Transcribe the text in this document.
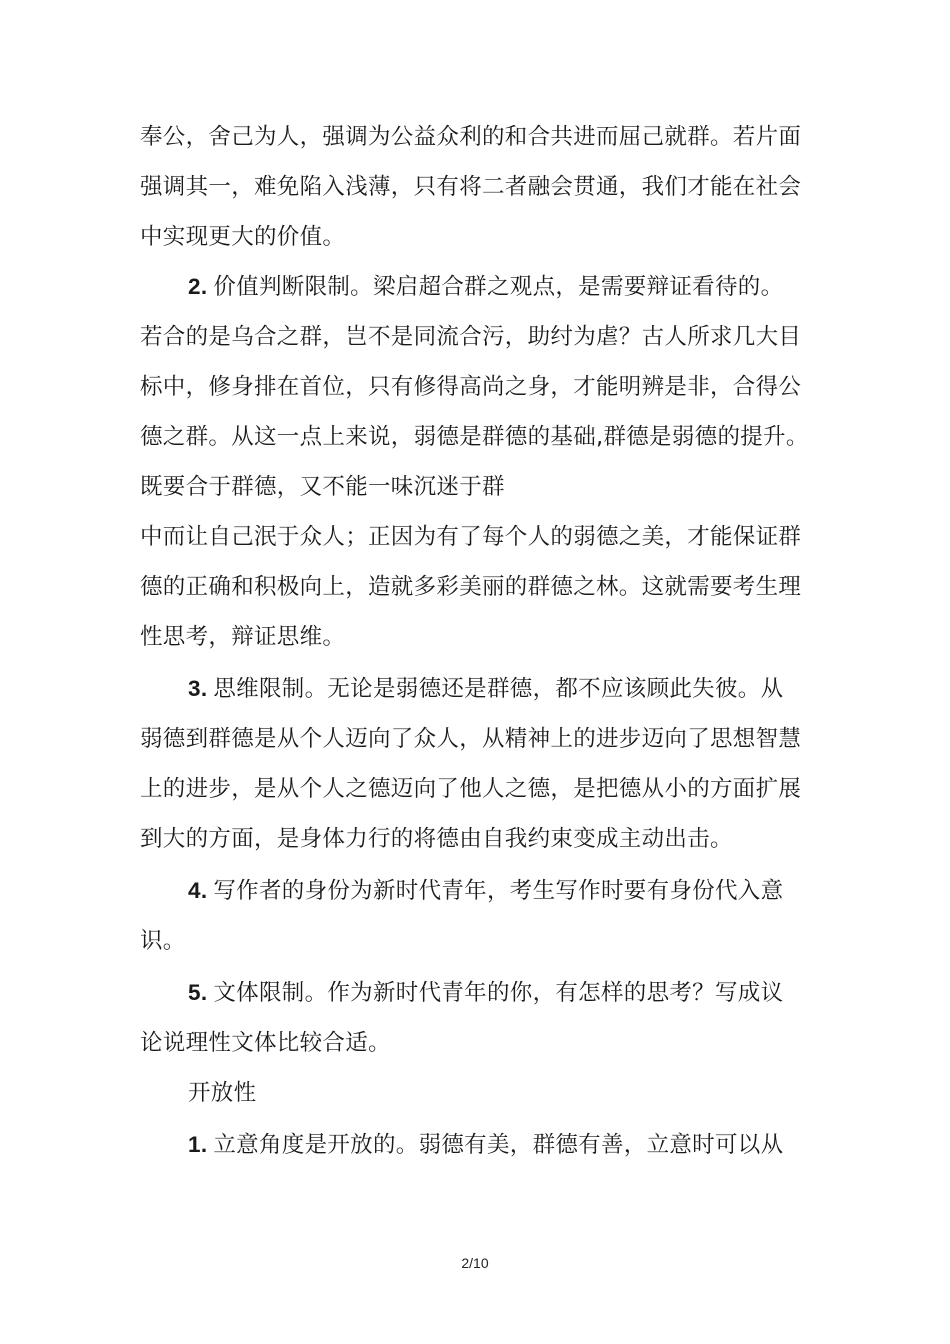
奉公，舍己为人，强调为公益众利的和合共进而屈己就群。若片面
强调其一，难免陷入浅薄，只有将二者融会贯通，我们才能在社会
中实现更大的价值。
2. 价值判断限制。梁启超合群之观点，是需要辩证看待的。
若合的是乌合之群，岂不是同流合污，助纣为虐？古人所求几大目
标中，修身排在首位，只有修得高尚之身，才能明辨是非，合得公
德之群。从这一点上来说，弱德是群德的基础,群德是弱德的提升。
既要合于群德，又不能一味沉迷于群
中而让自己泯于众人；正因为有了每个人的弱德之美，才能保证群
德的正确和积极向上，造就多彩美丽的群德之林。这就需要考生理
性思考，辩证思维。
3. 思维限制。无论是弱德还是群德，都不应该顾此失彼。从
弱德到群德是从个人迈向了众人，从精神上的进步迈向了思想智慧
上的进步，是从个人之德迈向了他人之德，是把德从小的方面扩展
到大的方面，是身体力行的将德由自我约束变成主动出击。
4. 写作者的身份为新时代青年，考生写作时要有身份代入意
识。
5. 文体限制。作为新时代青年的你，有怎样的思考？写成议
论说理性文体比较合适。
开放性
1. 立意角度是开放的。弱德有美，群德有善，立意时可以从
2/10
